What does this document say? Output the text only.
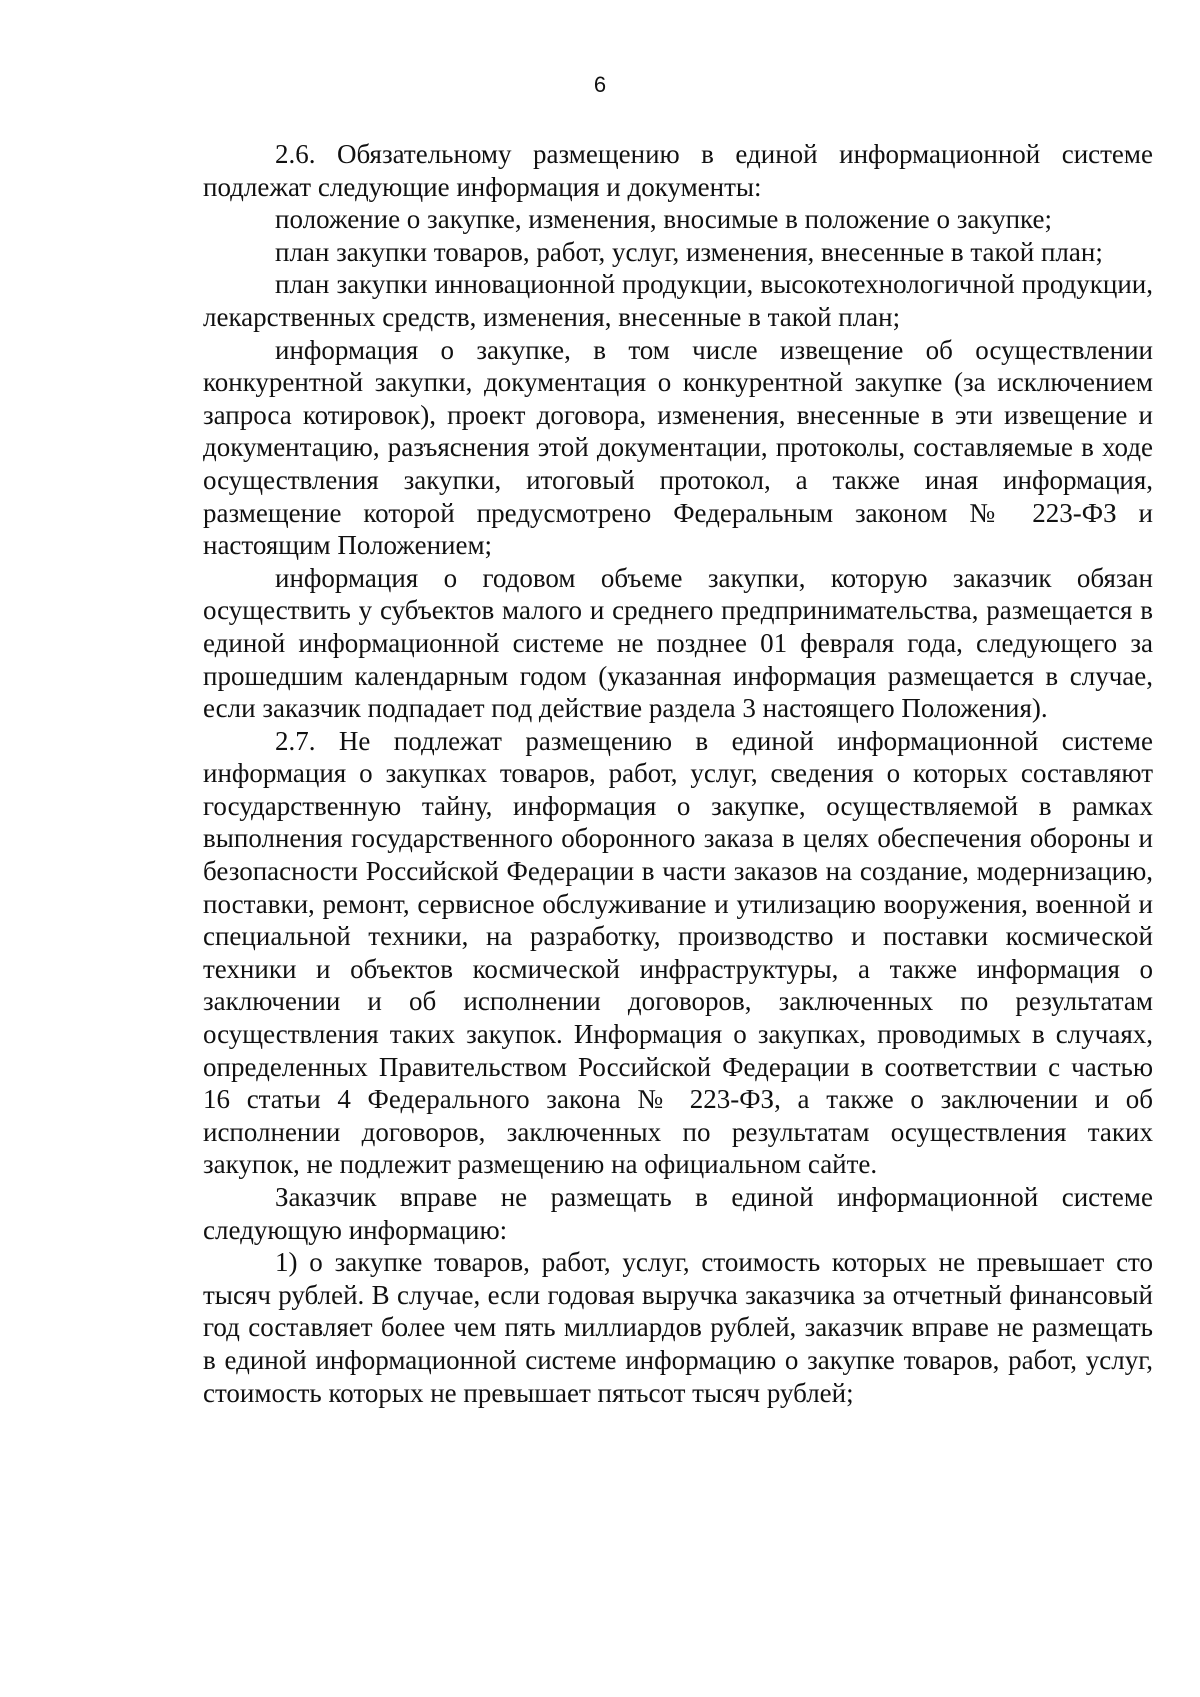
6

2.6. Обязательному размещению в единой информационной системе подлежат следующие информация и документы:

положение о закупке, изменения, вносимые в положение о закупке;

план закупки товаров, работ, услуг, изменения, внесенные в такой план;

план закупки инновационной продукции, высокотехнологичной продукции, лекарственных средств, изменения, внесенные в такой план;

информация о закупке, в том числе извещение об осуществлении конкурентной закупки, документация о конкурентной закупке (за исключением запроса котировок), проект договора, изменения, внесенные в эти извещение и документацию, разъяснения этой документации, протоколы, составляемые в ходе осуществления закупки, итоговый протокол, а также иная информация, размещение которой предусмотрено Федеральным законом № 223-ФЗ и настоящим Положением;

информация о годовом объеме закупки, которую заказчик обязан осуществить у субъектов малого и среднего предпринимательства, размещается в единой информационной системе не позднее 01 февраля года, следующего за прошедшим календарным годом (указанная информация размещается в случае, если заказчик подпадает под действие раздела 3 настоящего Положения).

2.7. Не подлежат размещению в единой информационной системе информация о закупках товаров, работ, услуг, сведения о которых составляют государственную тайну, информация о закупке, осуществляемой в рамках выполнения государственного оборонного заказа в целях обеспечения обороны и безопасности Российской Федерации в части заказов на создание, модернизацию, поставки, ремонт, сервисное обслуживание и утилизацию вооружения, военной и специальной техники, на разработку, производство и поставки космической техники и объектов космической инфраструктуры, а также информация о заключении и об исполнении договоров, заключенных по результатам осуществления таких закупок. Информация о закупках, проводимых в случаях, определенных Правительством Российской Федерации в соответствии с частью 16 статьи 4 Федерального закона № 223-ФЗ, а также о заключении и об исполнении договоров, заключенных по результатам осуществления таких закупок, не подлежит размещению на официальном сайте.

Заказчик вправе не размещать в единой информационной системе следующую информацию:

1) о закупке товаров, работ, услуг, стоимость которых не превышает сто тысяч рублей. В случае, если годовая выручка заказчика за отчетный финансовый год составляет более чем пять миллиардов рублей, заказчик вправе не размещать в единой информационной системе информацию о закупке товаров, работ, услуг, стоимость которых не превышает пятьсот тысяч рублей;
